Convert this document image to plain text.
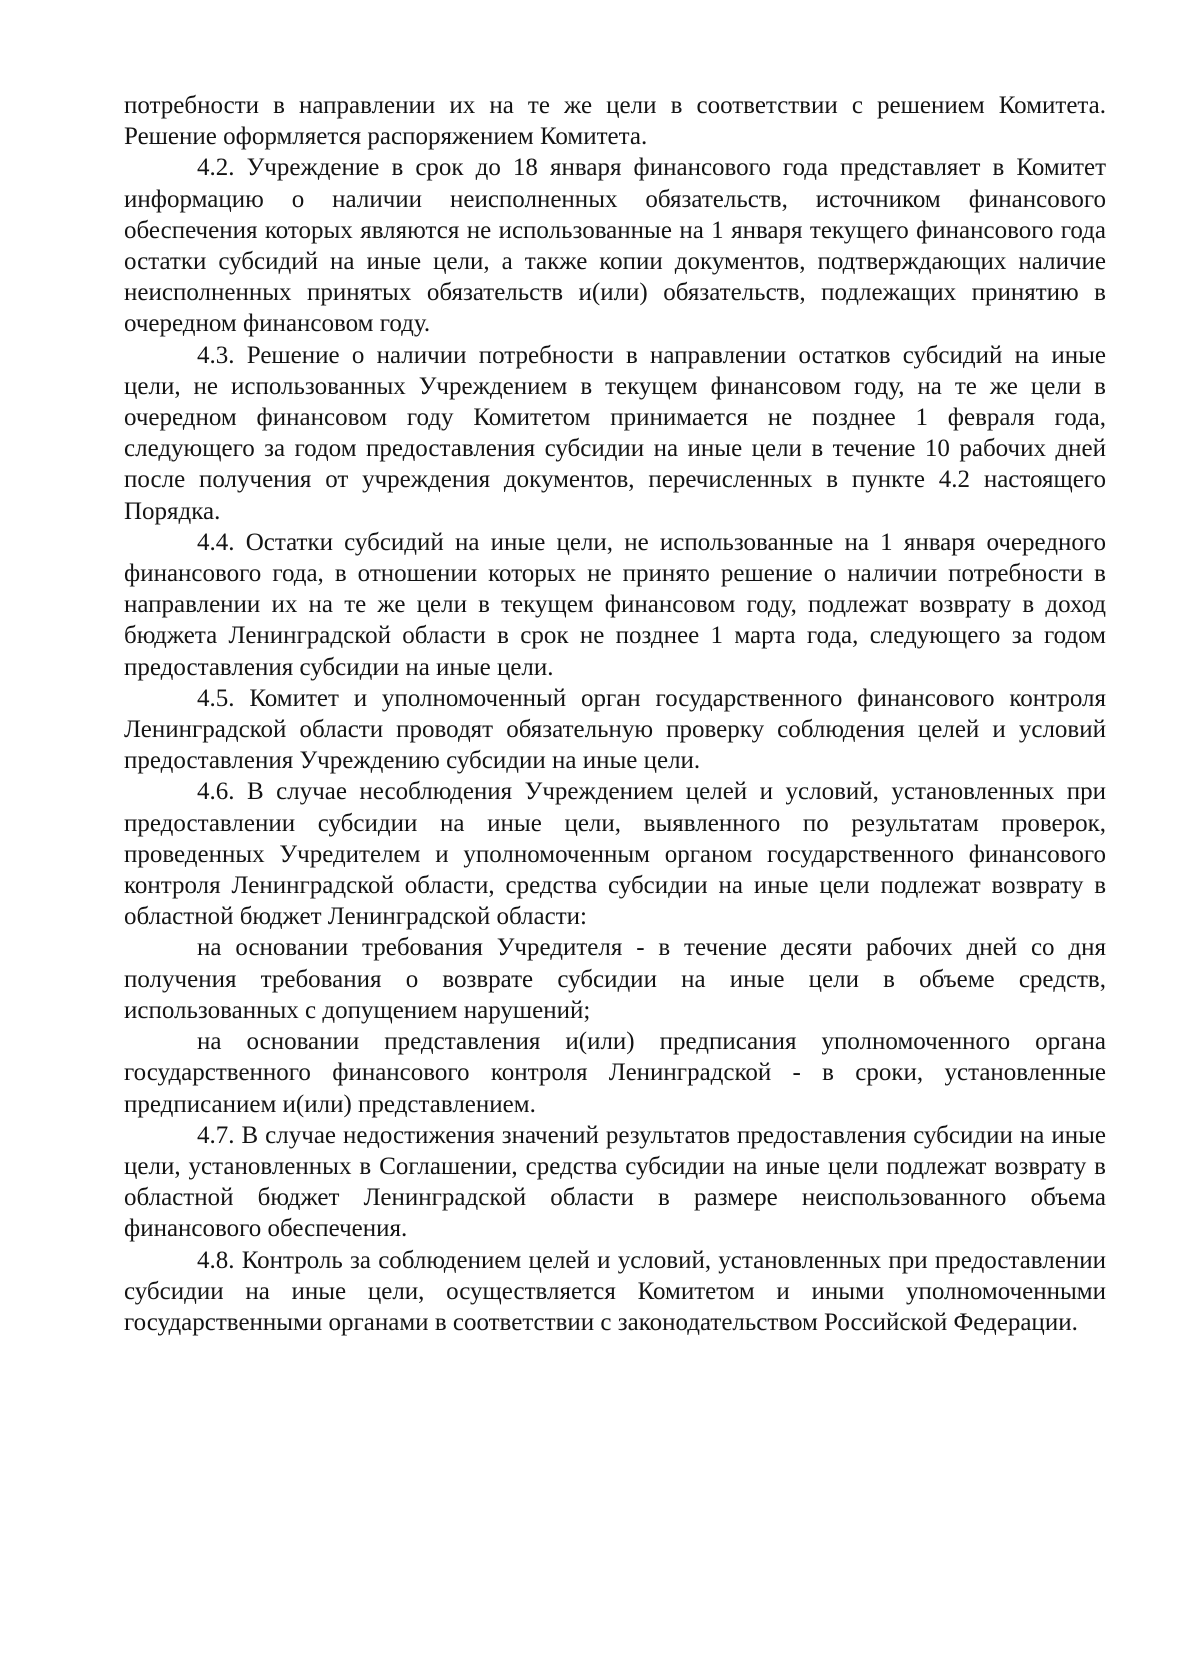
потребности в направлении их на те же цели в соответствии с решением Комитета. Решение оформляется распоряжением Комитета.

4.2. Учреждение в срок до 18 января финансового года представляет в Комитет информацию о наличии неисполненных обязательств, источником финансового обеспечения которых являются не использованные на 1 января текущего финансового года остатки субсидий на иные цели, а также копии документов, подтверждающих наличие неисполненных принятых обязательств и(или) обязательств, подлежащих принятию в очередном финансовом году.

4.3. Решение о наличии потребности в направлении остатков субсидий на иные цели, не использованных Учреждением в текущем финансовом году, на те же цели в очередном финансовом году Комитетом принимается не позднее 1 февраля года, следующего за годом предоставления субсидии на иные цели в течение 10 рабочих дней после получения от учреждения документов, перечисленных в пункте 4.2 настоящего Порядка.

4.4. Остатки субсидий на иные цели, не использованные на 1 января очередного финансового года, в отношении которых не принято решение о наличии потребности в направлении их на те же цели в текущем финансовом году, подлежат возврату в доход бюджета Ленинградской области в срок не позднее 1 марта года, следующего за годом предоставления субсидии на иные цели.

4.5. Комитет и уполномоченный орган государственного финансового контроля Ленинградской области проводят обязательную проверку соблюдения целей и условий предоставления Учреждению субсидии на иные цели.

4.6. В случае несоблюдения Учреждением целей и условий, установленных при предоставлении субсидии на иные цели, выявленного по результатам проверок, проведенных Учредителем и уполномоченным органом государственного финансового контроля Ленинградской области, средства субсидии на иные цели подлежат возврату в областной бюджет Ленинградской области:

на основании требования Учредителя - в течение десяти рабочих дней со дня получения требования о возврате субсидии на иные цели в объеме средств, использованных с допущением нарушений;

на основании представления и(или) предписания уполномоченного органа государственного финансового контроля Ленинградской - в сроки, установленные предписанием и(или) представлением.

4.7. В случае недостижения значений результатов предоставления субсидии на иные цели, установленных в Соглашении, средства субсидии на иные цели подлежат возврату в областной бюджет Ленинградской области в размере неиспользованного объема финансового обеспечения.

4.8. Контроль за соблюдением целей и условий, установленных при предоставлении субсидии на иные цели, осуществляется Комитетом и иными уполномоченными государственными органами в соответствии с законодательством Российской Федерации.
